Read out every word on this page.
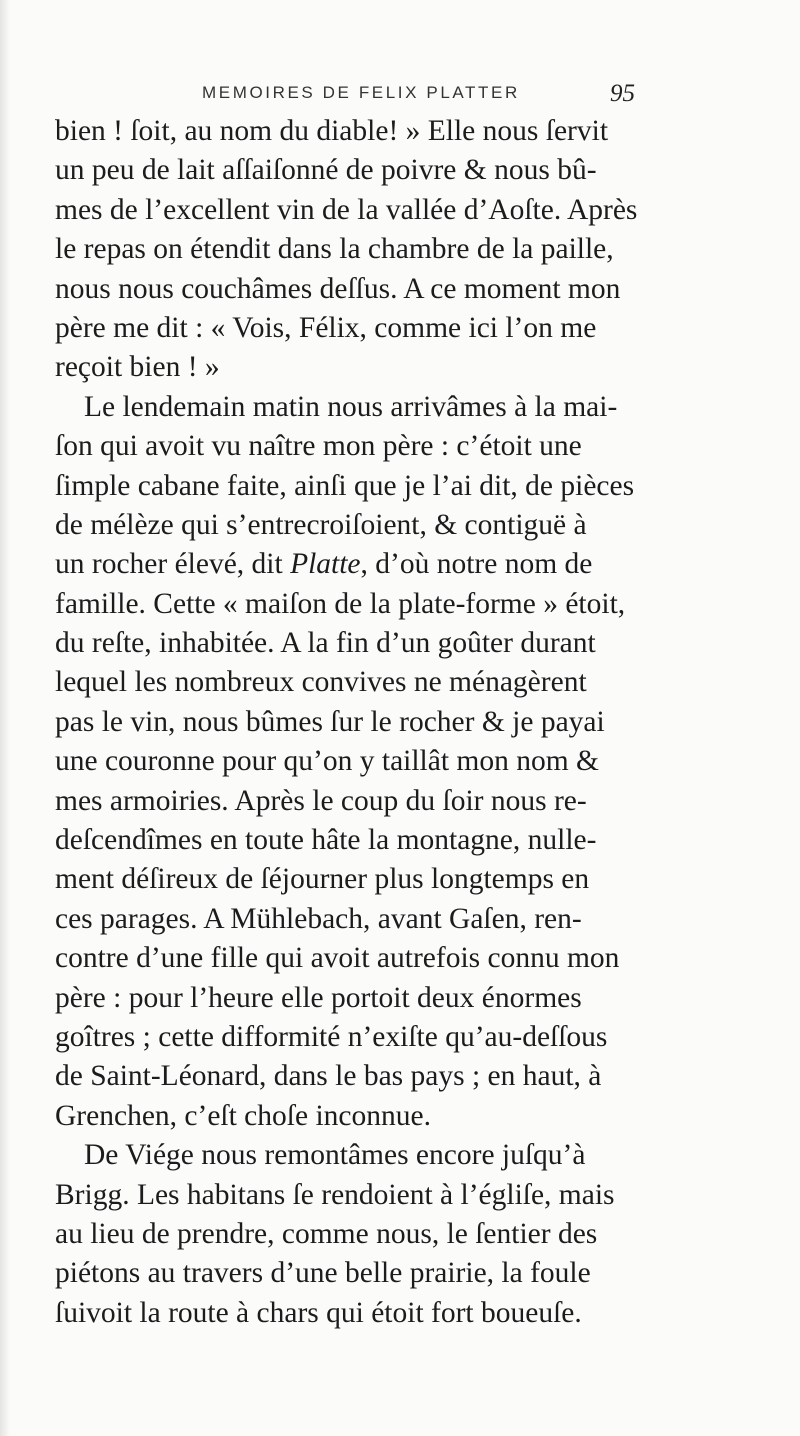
MEMOIRES DE FELIX PLATTER	95
bien ! ſoit, au nom du diable! » Elle nous ſervit
un peu de lait aſſaiſonné de poivre & nous bû-
mes de l’excellent vin de la vallée d’Aoſte. Après
le repas on étendit dans la chambre de la paille,
nous nous couchâmes deſſus. A ce moment mon
père me dit : « Vois, Félix, comme ici l’on me
reçoit bien ! »
Le lendemain matin nous arrivâmes à la mai-
ſon qui avoit vu naître mon père : c’étoit une
ſimple cabane faite, ainſi que je l’ai dit, de pièces
de mélèze qui s’entrecroiſoient, & contiguë à
un rocher élevé, dit Platte, d’où notre nom de
famille. Cette « maiſon de la plate-forme » étoit,
du reſte, inhabitée. A la fin d’un goûter durant
lequel les nombreux convives ne ménagèrent
pas le vin, nous bûmes ſur le rocher & je payai
une couronne pour qu’on y taillât mon nom &
mes armoiries. Après le coup du ſoir nous re-
deſcendîmes en toute hâte la montagne, nulle-
ment déſireux de ſéjourner plus longtemps en
ces parages. A Mühlebach, avant Gaſen, ren-
contre d’une fille qui avoit autrefois connu mon
père : pour l’heure elle portoit deux énormes
goîtres ; cette difformité n’exiſte qu’au-deſſous
de Saint-Léonard, dans le bas pays ; en haut, à
Grenchen, c’eſt choſe inconnue.
De Viége nous remontâmes encore juſqu’à
Brigg. Les habitans ſe rendoient à l’égliſe, mais
au lieu de prendre, comme nous, le ſentier des
piétons au travers d’une belle prairie, la foule
ſuivoit la route à chars qui étoit fort boueuſe.
